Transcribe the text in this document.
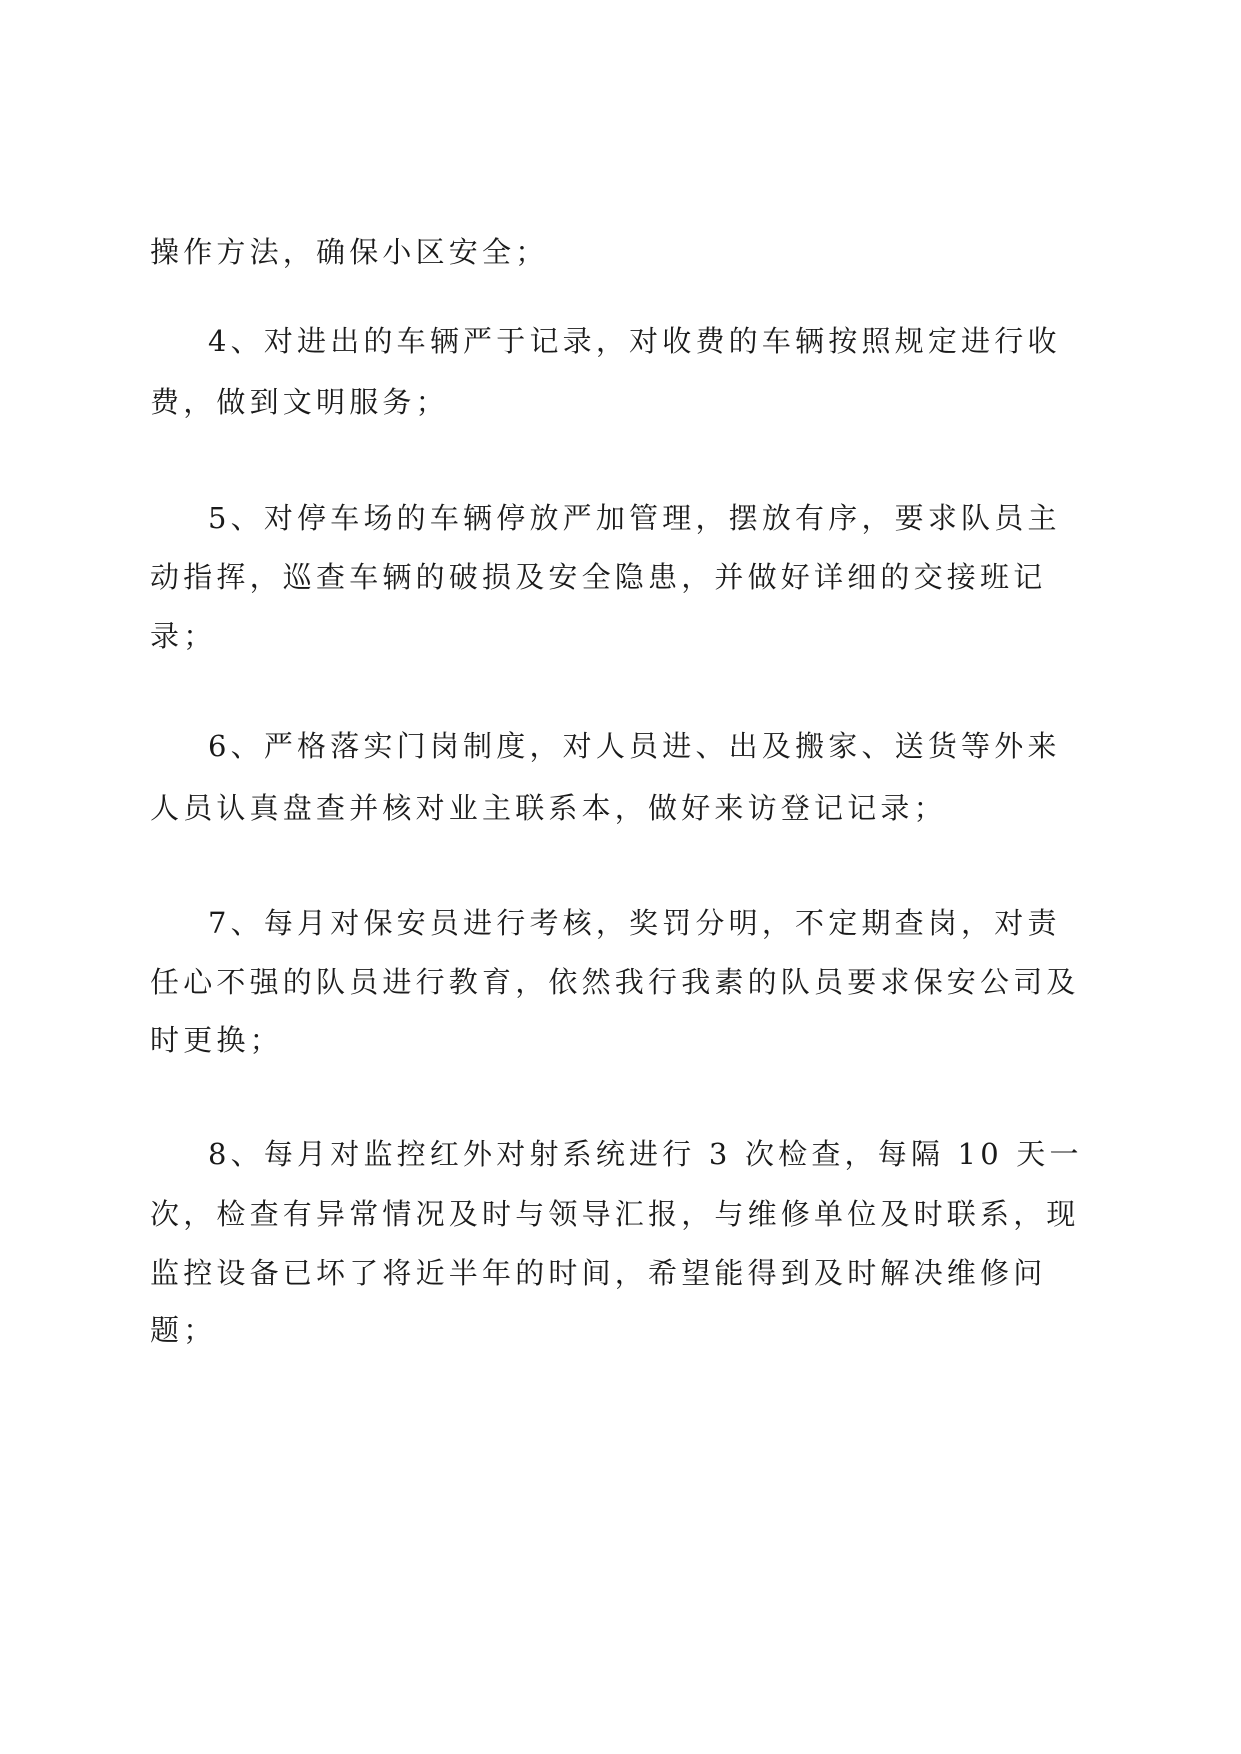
操作方法，确保小区安全；
4、对进出的车辆严于记录，对收费的车辆按照规定进行收
费，做到文明服务；
5、对停车场的车辆停放严加管理，摆放有序，要求队员主
动指挥，巡查车辆的破损及安全隐患，并做好详细的交接班记
录；
6、严格落实门岗制度，对人员进、出及搬家、送货等外来
人员认真盘查并核对业主联系本，做好来访登记记录；
7、每月对保安员进行考核，奖罚分明，不定期查岗，对责
任心不强的队员进行教育，依然我行我素的队员要求保安公司及
时更换；
8、每月对监控红外对射系统进行 3 次检查，每隔 10 天一
次，检查有异常情况及时与领导汇报，与维修单位及时联系，现
监控设备已坏了将近半年的时间，希望能得到及时解决维修问
题；
